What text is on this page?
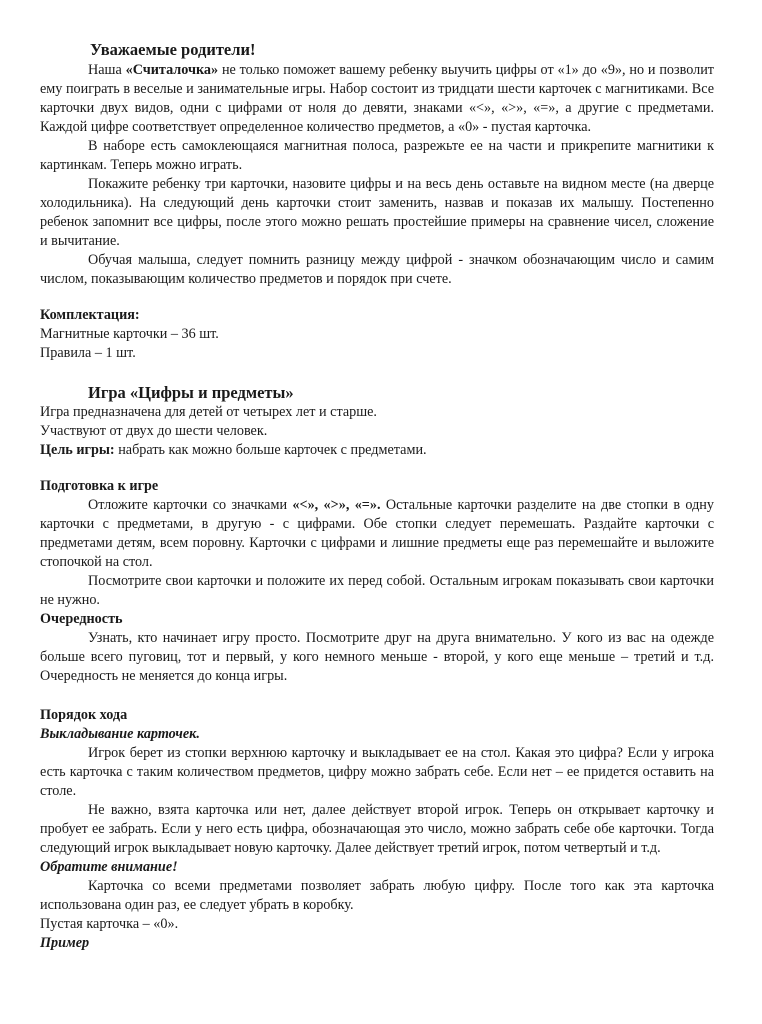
Уважаемые родители!

Наша «Считалочка» не только поможет вашему ребенку выучить цифры от «1» до «9», но и позволит ему поиграть в веселые и занимательные игры. Набор состоит из тридцати шести карточек с магнитиками. Все карточки двух видов, одни с цифрами от ноля до девяти, знаками «<», «>», «=», а другие с предметами. Каждой цифре соответствует определенное количество предметов, а «0» - пустая карточка.

В наборе есть самоклеющаяся магнитная полоса, разрежьте ее на части и прикрепите магнитики к картинкам. Теперь можно играть.

Покажите ребенку три карточки, назовите цифры и на весь день оставьте на видном месте (на дверце холодильника). На следующий день карточки стоит заменить, назвав и показав их малышу. Постепенно ребенок запомнит все цифры, после этого можно решать простейшие примеры на сравнение чисел, сложение и вычитание.

Обучая малыша, следует помнить разницу между цифрой - значком обозначающим число и самим числом, показывающим количество предметов и порядок при счете.

Комплектация:
Магнитные карточки – 36 шт.
Правила – 1 шт.
Игра «Цифры и предметы»
Игра предназначена для детей от четырех лет и старше.
Участвуют от двух до шести человек.
Цель игры: набрать как можно больше карточек с предметами.
Подготовка к игре

Отложите карточки со значками «<», «>», «=». Остальные карточки разделите на две стопки в одну карточки с предметами, в другую - с цифрами. Обе стопки следует перемешать. Раздайте карточки с предметами детям, всем поровну. Карточки с цифрами и лишние предметы еще раз перемешайте и выложите стопочкой на стол.

Посмотрите свои карточки и положите их перед собой. Остальным игрокам показывать свои карточки не нужно.

Очередность

Узнать, кто начинает игру просто. Посмотрите друг на друга внимательно. У кого из вас на одежде больше всего пуговиц, тот и первый, у кого немного меньше - второй, у кого еще меньше – третий и т.д. Очередность не меняется до конца игры.

Порядок хода
Выкладывание карточек.

Игрок берет из стопки верхнюю карточку и выкладывает ее на стол. Какая это цифра? Если у игрока есть карточка с таким количеством предметов, цифру можно забрать себе. Если нет – ее придется оставить на столе.

Не важно, взята карточка или нет, далее действует второй игрок. Теперь он открывает карточку и пробует ее забрать. Если у него есть цифра, обозначающая это число, можно забрать себе обе карточки. Тогда следующий игрок выкладывает новую карточку. Далее действует третий игрок, потом четвертый и т.д.

Обратите внимание!

Карточка со всеми предметами позволяет забрать любую цифру. После того как эта карточка использована один раз, ее следует убрать в коробку.

Пустая карточка – «0».
Пример
